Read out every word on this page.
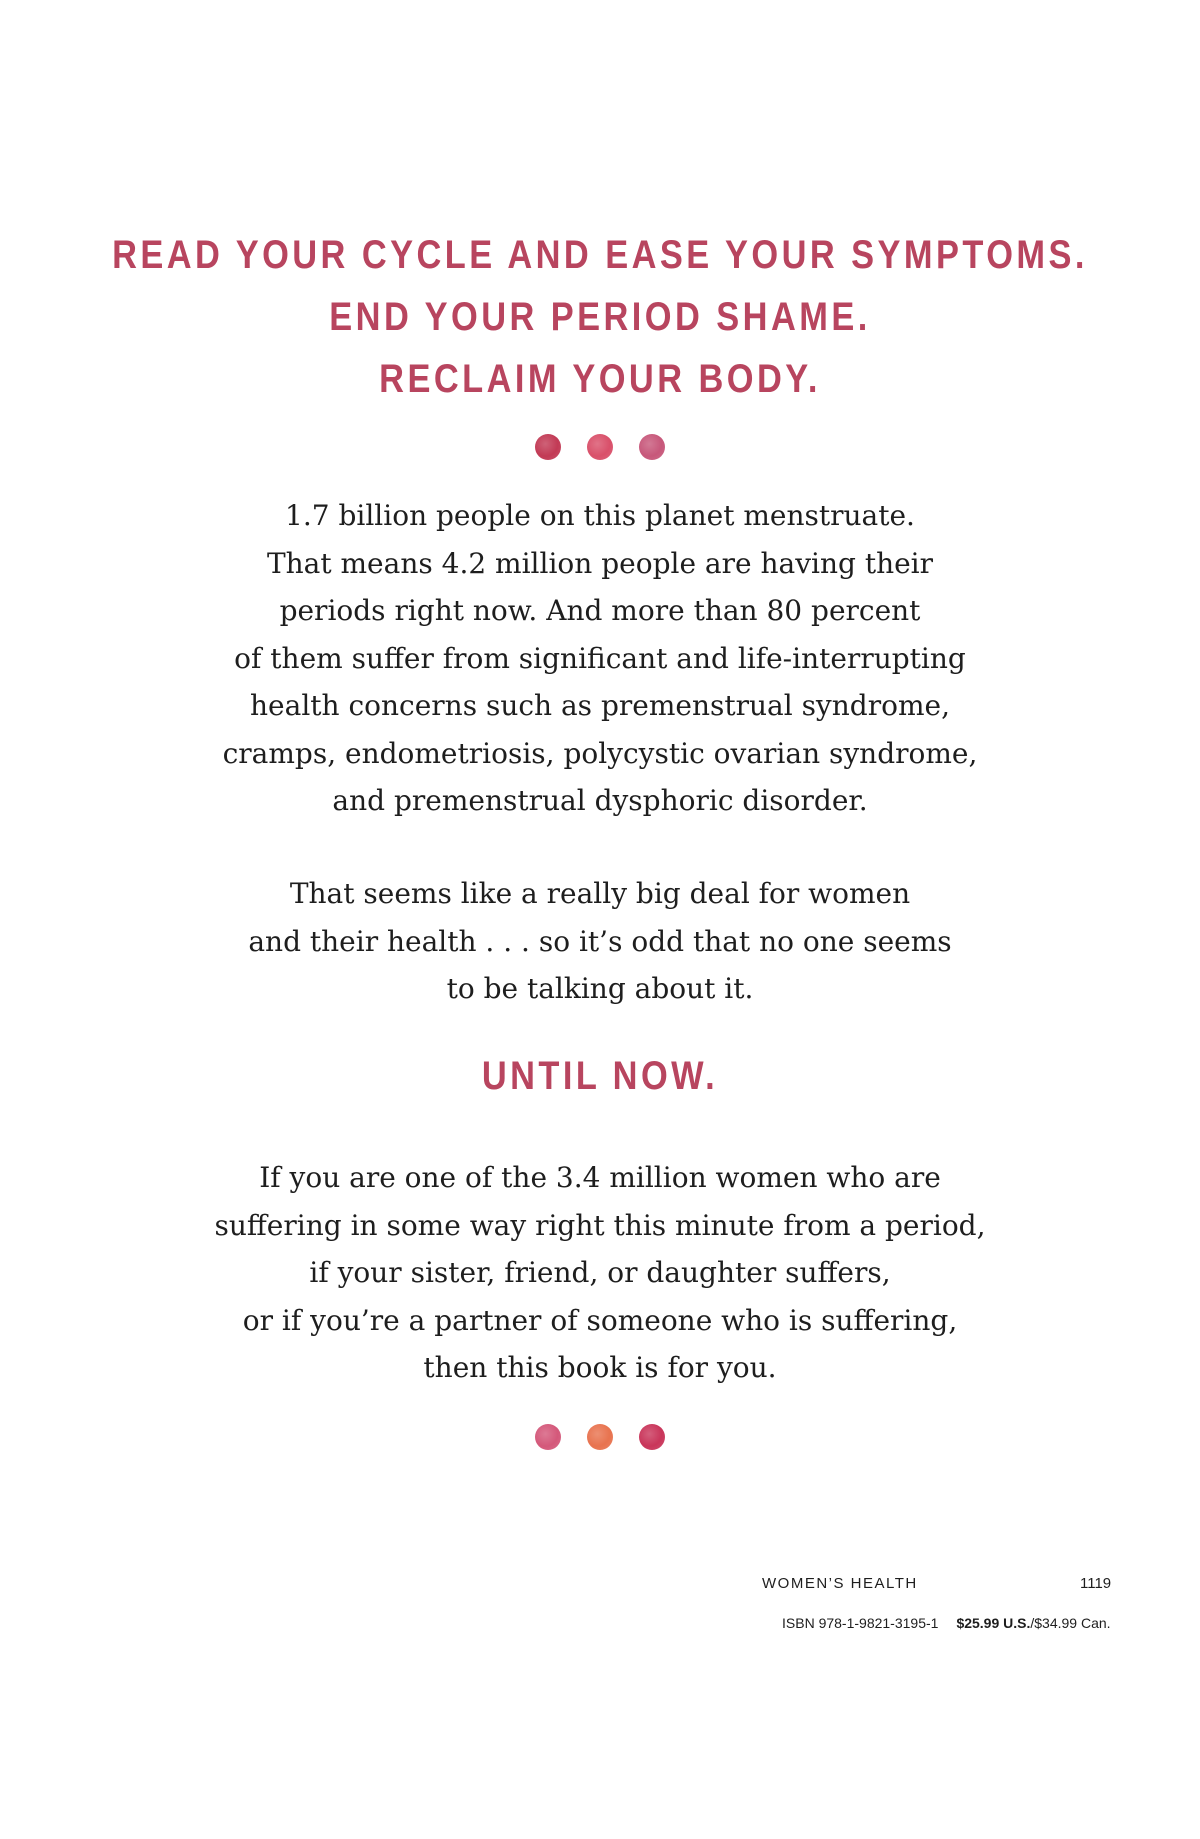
READ YOUR CYCLE AND EASE YOUR SYMPTOMS.
END YOUR PERIOD SHAME.
RECLAIM YOUR BODY.
1.7 billion people on this planet menstruate.
That means 4.2 million people are having their
periods right now. And more than 80 percent
of them suffer from significant and life-interrupting
health concerns such as premenstrual syndrome,
cramps, endometriosis, polycystic ovarian syndrome,
and premenstrual dysphoric disorder.
That seems like a really big deal for women
and their health . . . so it’s odd that no one seems
to be talking about it.
UNTIL NOW.
If you are one of the 3.4 million women who are
suffering in some way right this minute from a period,
if your sister, friend, or daughter suffers,
or if you’re a partner of someone who is suffering,
then this book is for you.
WOMEN’S HEALTH	1119
ISBN 978-1-9821-3195-1 $25.99 U.S./$34.99 Can.
